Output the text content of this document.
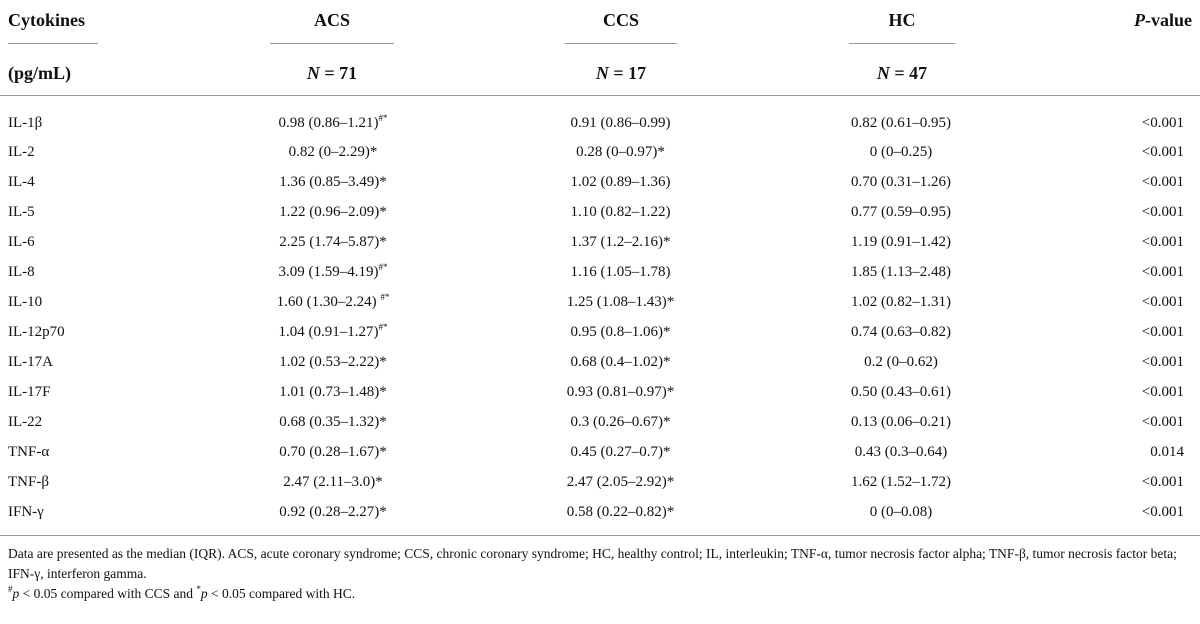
Cytokines	ACS	CCS	HC	P-value
(pg/mL)	N = 71	N = 17	N = 47
IL-1β	0.98 (0.86–1.21)#*	0.91 (0.86–0.99)	0.82 (0.61–0.95)	<0.001
IL-2	0.82 (0–2.29)*	0.28 (0–0.97)*	0 (0–0.25)	<0.001
IL-4	1.36 (0.85–3.49)*	1.02 (0.89–1.36)	0.70 (0.31–1.26)	<0.001
IL-5	1.22 (0.96–2.09)*	1.10 (0.82–1.22)	0.77 (0.59–0.95)	<0.001
IL-6	2.25 (1.74–5.87)*	1.37 (1.2–2.16)*	1.19 (0.91–1.42)	<0.001
IL-8	3.09 (1.59–4.19)#*	1.16 (1.05–1.78)	1.85 (1.13–2.48)	<0.001
IL-10	1.60 (1.30–2.24) #*	1.25 (1.08–1.43)*	1.02 (0.82–1.31)	<0.001
IL-12p70	1.04 (0.91–1.27)#*	0.95 (0.8–1.06)*	0.74 (0.63–0.82)	<0.001
IL-17A	1.02 (0.53–2.22)*	0.68 (0.4–1.02)*	0.2 (0–0.62)	<0.001
IL-17F	1.01 (0.73–1.48)*	0.93 (0.81–0.97)*	0.50 (0.43–0.61)	<0.001
IL-22	0.68 (0.35–1.32)*	0.3 (0.26–0.67)*	0.13 (0.06–0.21)	<0.001
TNF-α	0.70 (0.28–1.67)*	0.45 (0.27–0.7)*	0.43 (0.3–0.64)	0.014
TNF-β	2.47 (2.11–3.0)*	2.47 (2.05–2.92)*	1.62 (1.52–1.72)	<0.001
IFN-γ	0.92 (0.28–2.27)*	0.58 (0.22–0.82)*	0 (0–0.08)	<0.001

Data are presented as the median (IQR). ACS, acute coronary syndrome; CCS, chronic coronary syndrome; HC, healthy control; IL, interleukin; TNF-α, tumor necrosis factor alpha; TNF-β, tumor necrosis factor beta; IFN-γ, interferon gamma.

#p < 0.05 compared with CCS and *p < 0.05 compared with HC.
